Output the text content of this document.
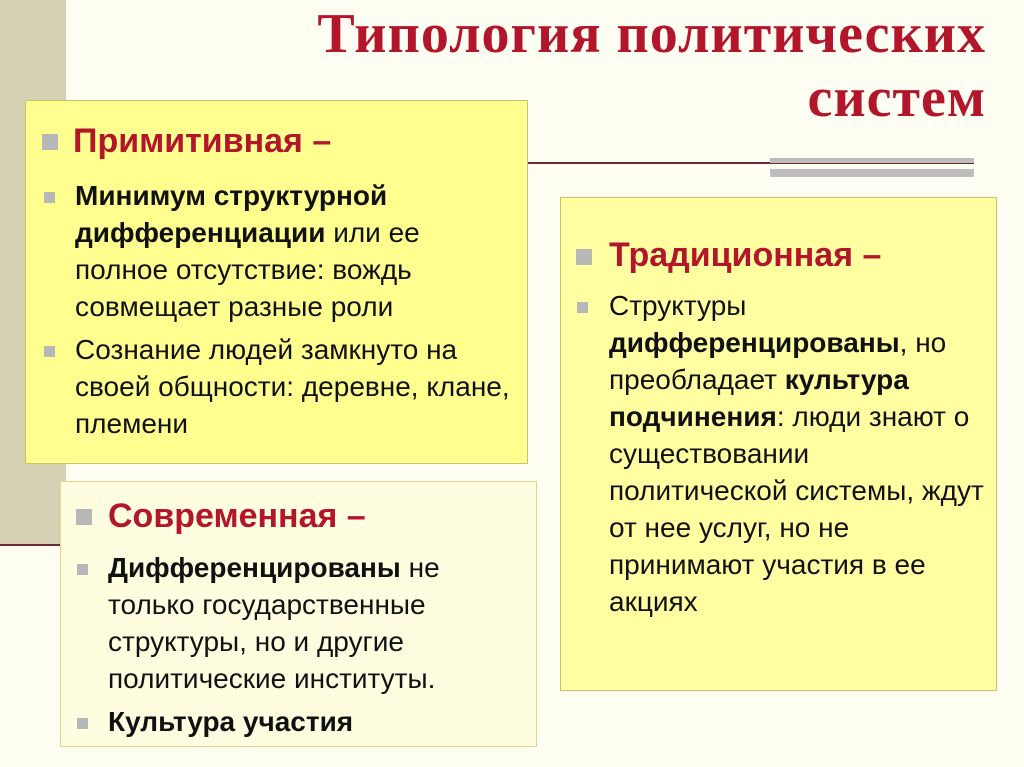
Типология политических систем
Примитивная –
Минимум структурной дифференциации или ее полное отсутствие: вождь совмещает разные роли
Сознание людей замкнуто на своей общности: деревне, клане, племени
Современная –
Дифференцированы не только государственные структуры, но и другие политические институты.
Культура участия
Традиционная –
Структуры дифференцированы, но преобладает культура подчинения: люди знают о существовании политической системы, ждут от нее услуг, но не принимают участия в ее акциях
